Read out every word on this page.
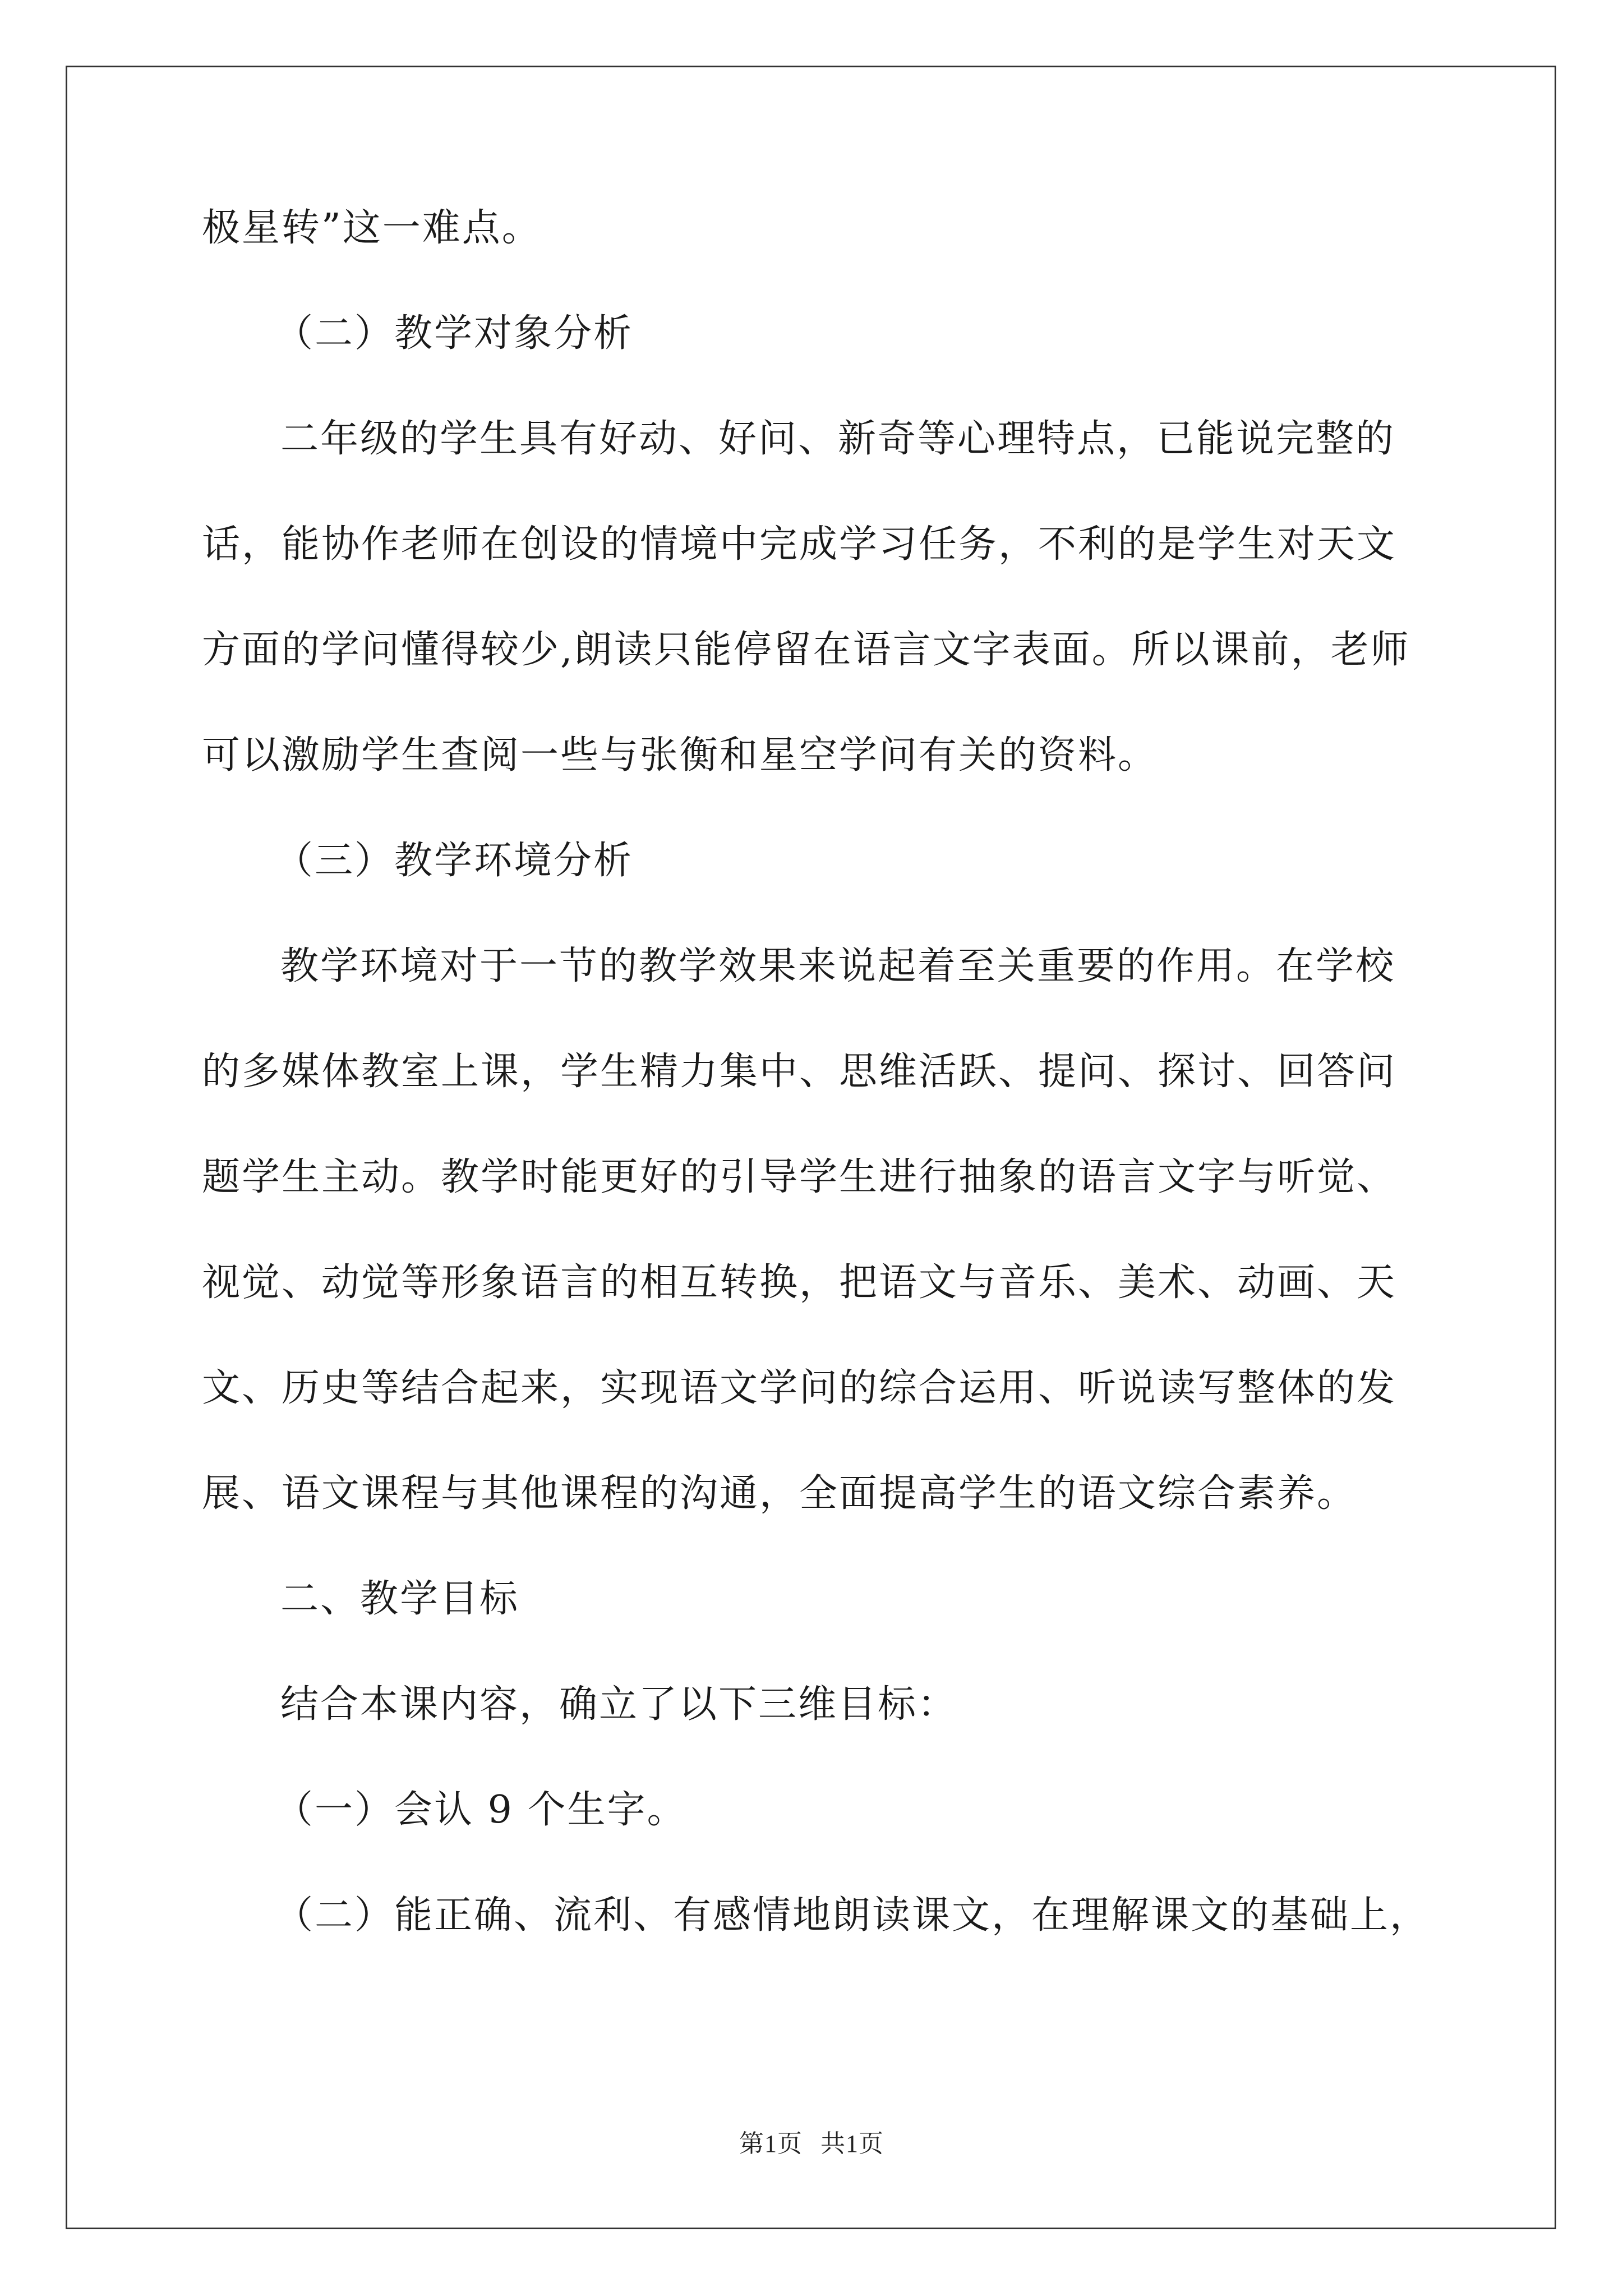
极星转”这一难点。
（二）教学对象分析
二年级的学生具有好动、好问、新奇等心理特点，已能说完整的
话，能协作老师在创设的情境中完成学习任务，不利的是学生对天文
方面的学问懂得较少,朗读只能停留在语言文字表面。所以课前，老师
可以激励学生查阅一些与张衡和星空学问有关的资料。
（三）教学环境分析
教学环境对于一节的教学效果来说起着至关重要的作用。在学校
的多媒体教室上课，学生精力集中、思维活跃、提问、探讨、回答问
题学生主动。教学时能更好的引导学生进行抽象的语言文字与听觉、
视觉、动觉等形象语言的相互转换，把语文与音乐、美术、动画、天
文、历史等结合起来，实现语文学问的综合运用、听说读写整体的发
展、语文课程与其他课程的沟通，全面提高学生的语文综合素养。
二、教学目标
结合本课内容，确立了以下三维目标：
（一）会认 9 个生字。
（二）能正确、流利、有感情地朗读课文，在理解课文的基础上，
第1页 共1页
